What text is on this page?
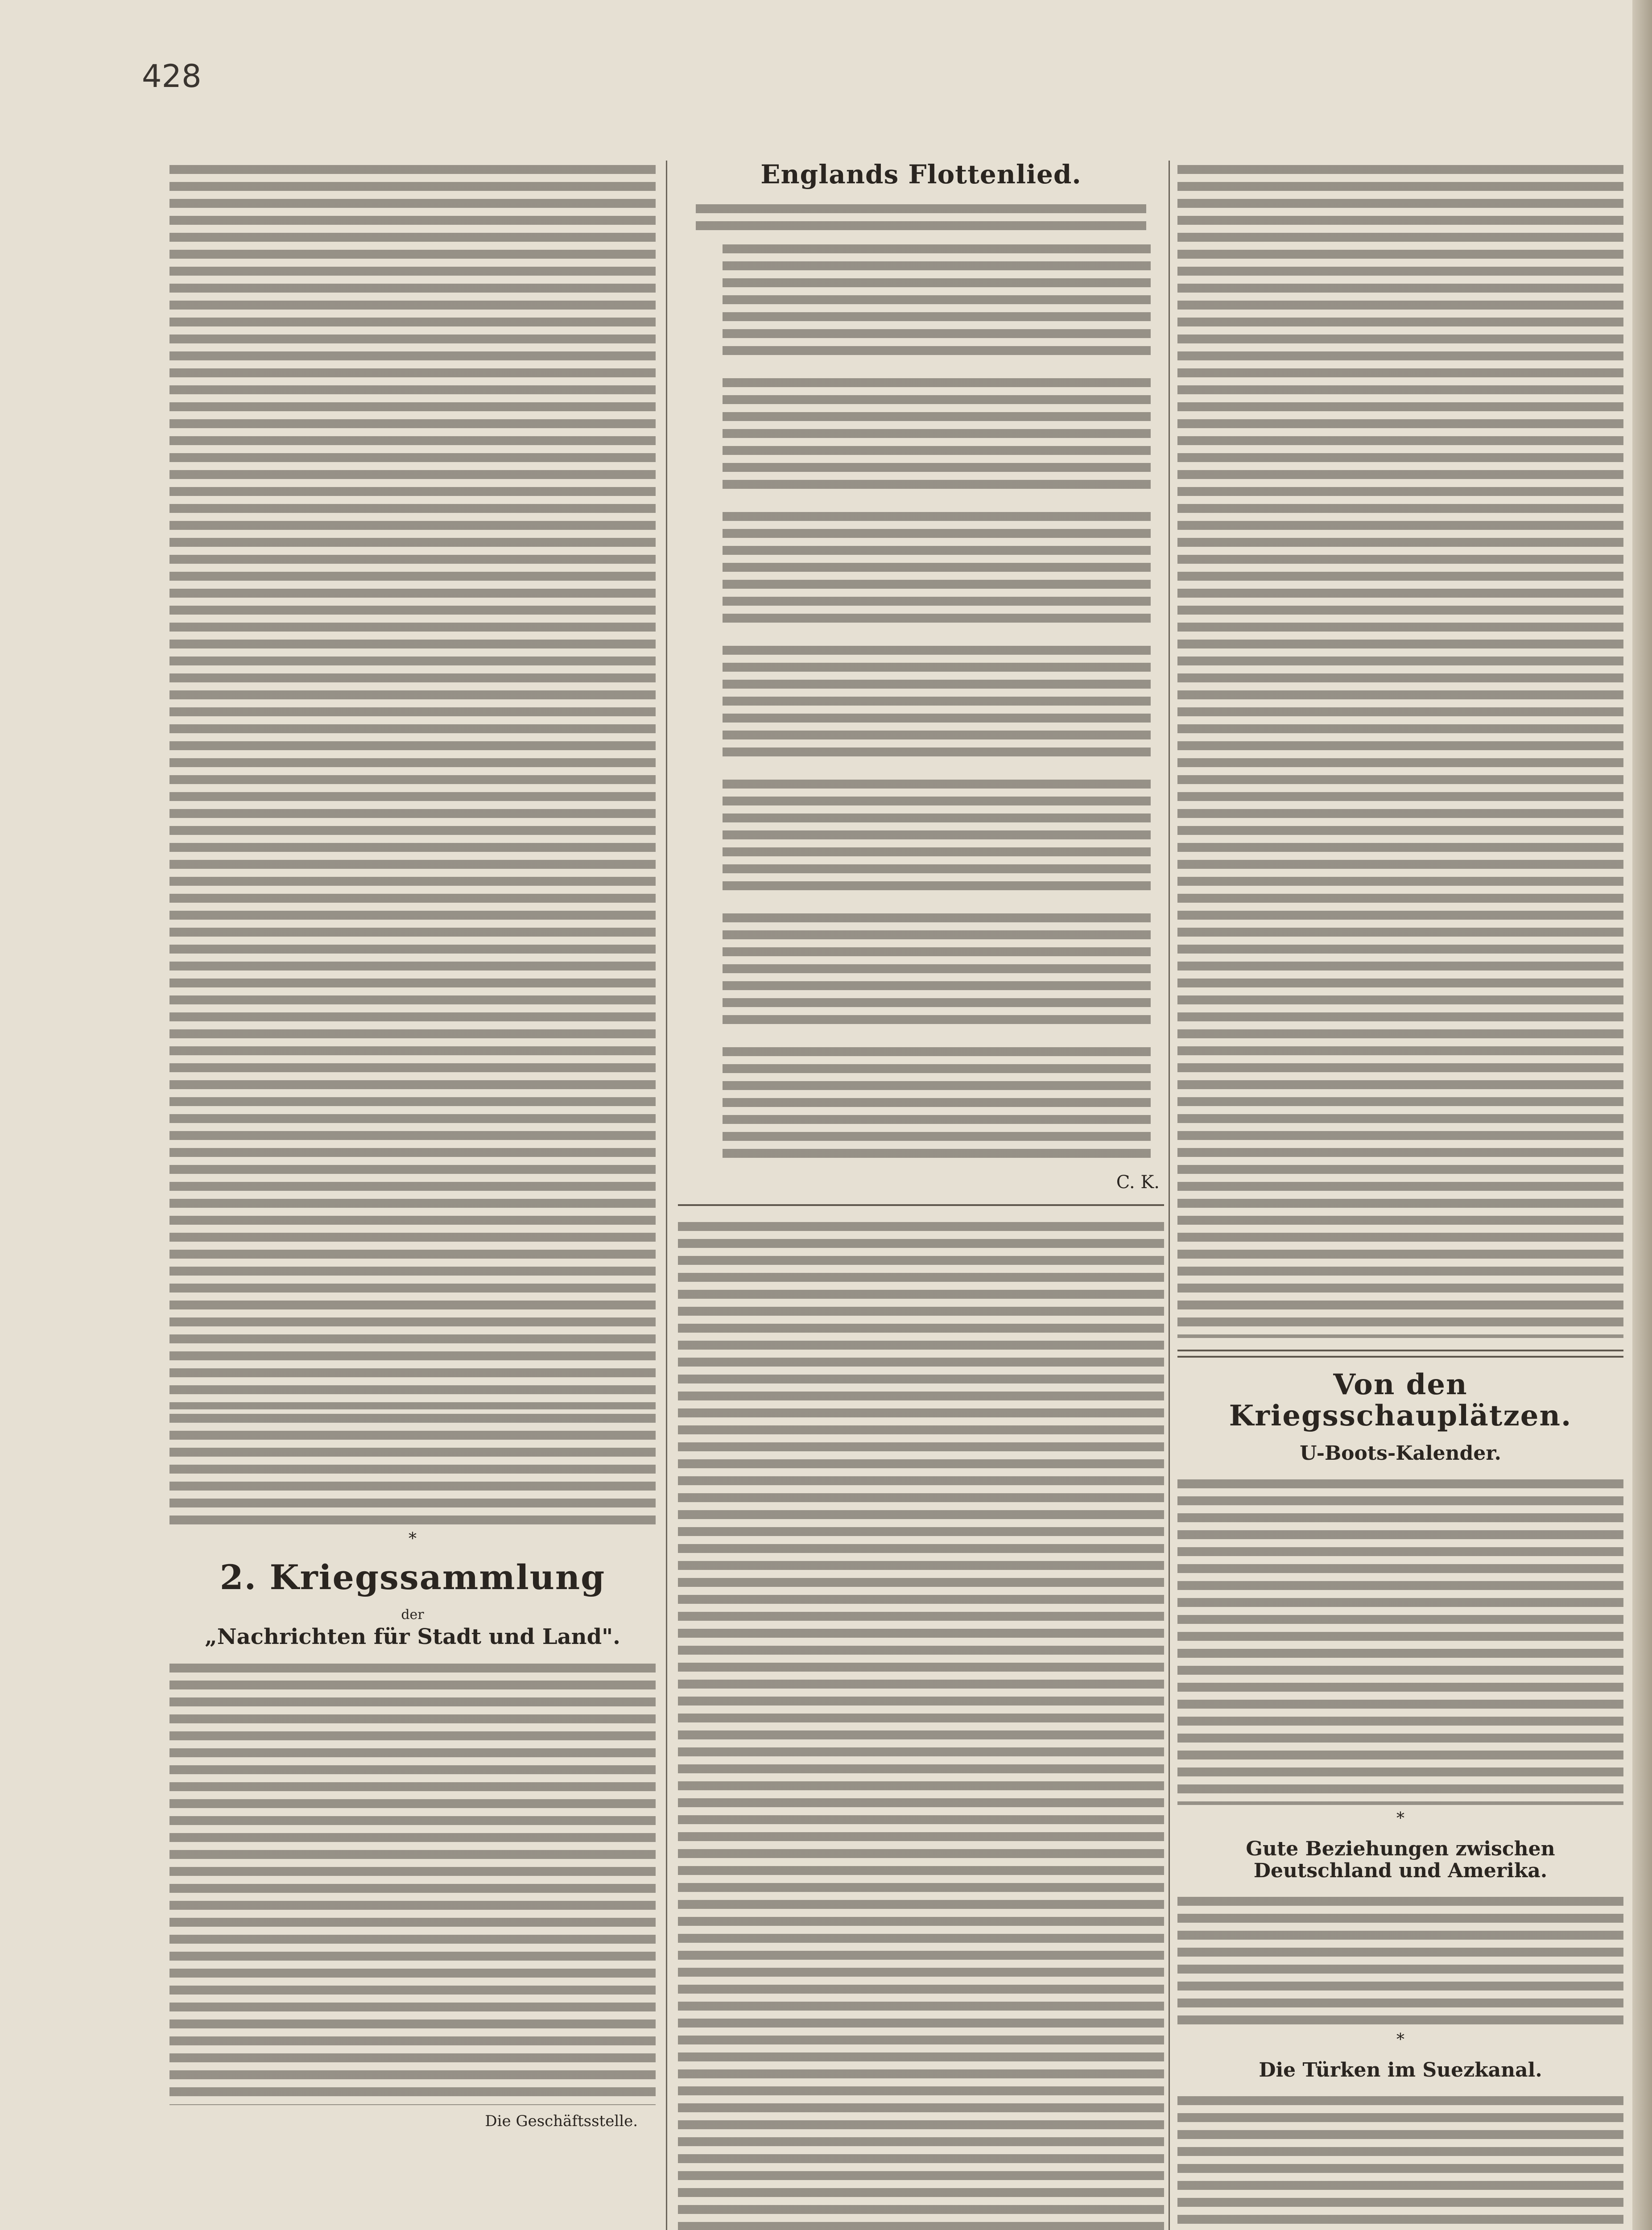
428
*
2. Kriegssammlung
der
„Nachrichten für Stadt und Land".
Die Geschäftsstelle.
Englands Flottenlied.
C. K.
Von den Kriegsschauplätzen.
U-Boots-Kalender.
*
Gute Beziehungen zwischen Deutschland und Amerika.
*
Die Türken im Suezkanal.
